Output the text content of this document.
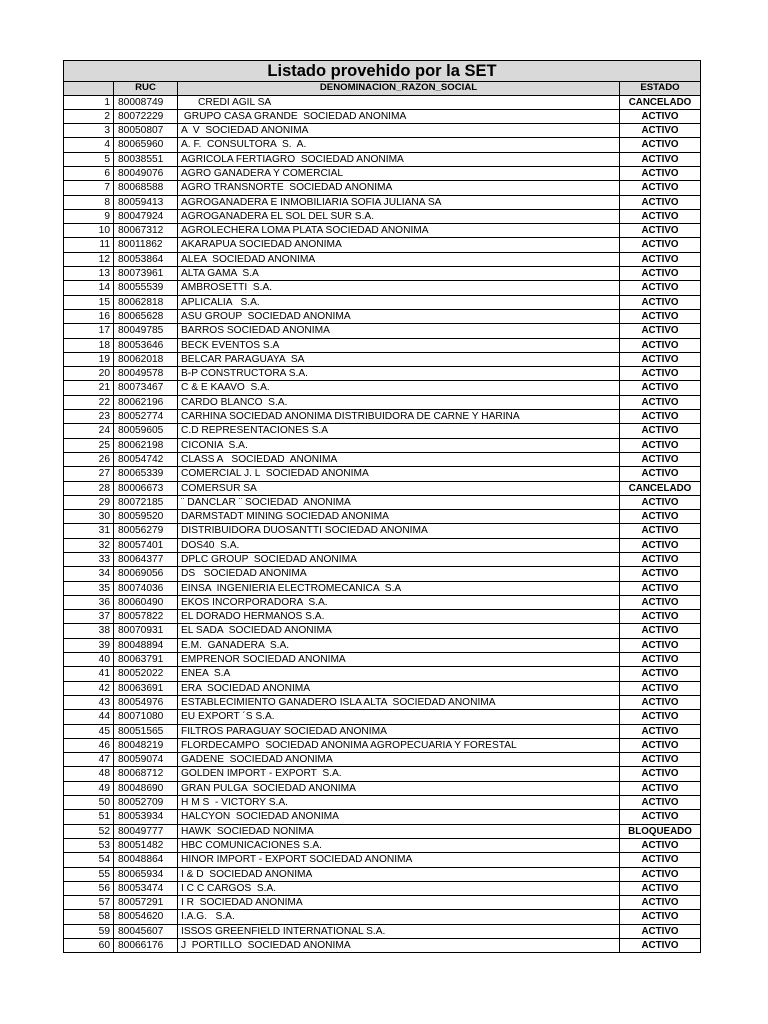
Listado provehido por la SET			
	RUC	DENOMINACION_RAZON_SOCIAL	ESTADO
1	80008749	CREDI AGIL SA	CANCELADO
2	80072229	GRUPO CASA GRANDE  SOCIEDAD ANONIMA	ACTIVO
3	80050807	A  V  SOCIEDAD ANONIMA	ACTIVO
4	80065960	A. F.  CONSULTORA  S.  A.	ACTIVO
5	80038551	AGRICOLA FERTIAGRO  SOCIEDAD ANONIMA	ACTIVO
6	80049076	AGRO GANADERA Y COMERCIAL	ACTIVO
7	80068588	AGRO TRANSNORTE  SOCIEDAD ANONIMA	ACTIVO
8	80059413	AGROGANADERA E INMOBILIARIA SOFIA JULIANA SA	ACTIVO
9	80047924	AGROGANADERA EL SOL DEL SUR S.A.	ACTIVO
10	80067312	AGROLECHERA LOMA PLATA SOCIEDAD ANONIMA	ACTIVO
11	80011862	AKARAPUA SOCIEDAD ANONIMA	ACTIVO
12	80053864	ALEA  SOCIEDAD ANONIMA	ACTIVO
13	80073961	ALTA GAMA  S.A	ACTIVO
14	80055539	AMBROSETTI  S.A.	ACTIVO
15	80062818	APLICALIA   S.A.	ACTIVO
16	80065628	ASU GROUP  SOCIEDAD ANONIMA	ACTIVO
17	80049785	BARROS SOCIEDAD ANONIMA	ACTIVO
18	80053646	BECK EVENTOS S.A	ACTIVO
19	80062018	BELCAR PARAGUAYA  SA	ACTIVO
20	80049578	B-P CONSTRUCTORA S.A.	ACTIVO
21	80073467	C & E KAAVO  S.A.	ACTIVO
22	80062196	CARDO BLANCO  S.A.	ACTIVO
23	80052774	CARHINA SOCIEDAD ANONIMA DISTRIBUIDORA DE CARNE Y HARINA	ACTIVO
24	80059605	C.D REPRESENTACIONES S.A	ACTIVO
25	80062198	CICONIA  S.A.	ACTIVO
26	80054742	CLASS A   SOCIEDAD  ANONIMA	ACTIVO
27	80065339	COMERCIAL J. L  SOCIEDAD ANONIMA	ACTIVO
28	80006673	COMERSUR SA	CANCELADO
29	80072185	¨ DANCLAR ¨ SOCIEDAD  ANONIMA	ACTIVO
30	80059520	DARMSTADT MINING SOCIEDAD ANONIMA	ACTIVO
31	80056279	DISTRIBUIDORA DUOSANTTI SOCIEDAD ANONIMA	ACTIVO
32	80057401	DOS40  S.A.	ACTIVO
33	80064377	DPLC GROUP  SOCIEDAD ANONIMA	ACTIVO
34	80069056	DS   SOCIEDAD ANONIMA	ACTIVO
35	80074036	EINSA  INGENIERIA ELECTROMECANICA  S.A	ACTIVO
36	80060490	EKOS INCORPORADORA  S.A.	ACTIVO
37	80057822	EL DORADO HERMANOS S.A.	ACTIVO
38	80070931	EL SADA  SOCIEDAD ANONIMA	ACTIVO
39	80048894	E.M.  GANADERA  S.A.	ACTIVO
40	80063791	EMPRENOR SOCIEDAD ANONIMA	ACTIVO
41	80052022	ENEA  S.A	ACTIVO
42	80063691	ERA  SOCIEDAD ANONIMA	ACTIVO
43	80054976	ESTABLECIMIENTO GANADERO ISLA ALTA  SOCIEDAD ANONIMA	ACTIVO
44	80071080	EU EXPORT ´S S.A.	ACTIVO
45	80051565	FILTROS PARAGUAY SOCIEDAD ANONIMA	ACTIVO
46	80048219	FLORDECAMPO  SOCIEDAD ANONIMA AGROPECUARIA Y FORESTAL	ACTIVO
47	80059074	GADENE  SOCIEDAD ANONIMA	ACTIVO
48	80068712	GOLDEN IMPORT - EXPORT  S.A.	ACTIVO
49	80048690	GRAN PULGA  SOCIEDAD ANONIMA	ACTIVO
50	80052709	H M S  - VICTORY S.A.	ACTIVO
51	80053934	HALCYON  SOCIEDAD ANONIMA	ACTIVO
52	80049777	HAWK  SOCIEDAD NONIMA	BLOQUEADO
53	80051482	HBC COMUNICACIONES S.A.	ACTIVO
54	80048864	HINOR IMPORT - EXPORT SOCIEDAD ANONIMA	ACTIVO
55	80065934	I & D  SOCIEDAD ANONIMA	ACTIVO
56	80053474	I C C CARGOS  S.A.	ACTIVO
57	80057291	I R  SOCIEDAD ANONIMA	ACTIVO
58	80054620	I.A.G.   S.A.	ACTIVO
59	80045607	ISSOS GREENFIELD INTERNATIONAL S.A.	ACTIVO
60	80066176	J  PORTILLO  SOCIEDAD ANONIMA	ACTIVO
